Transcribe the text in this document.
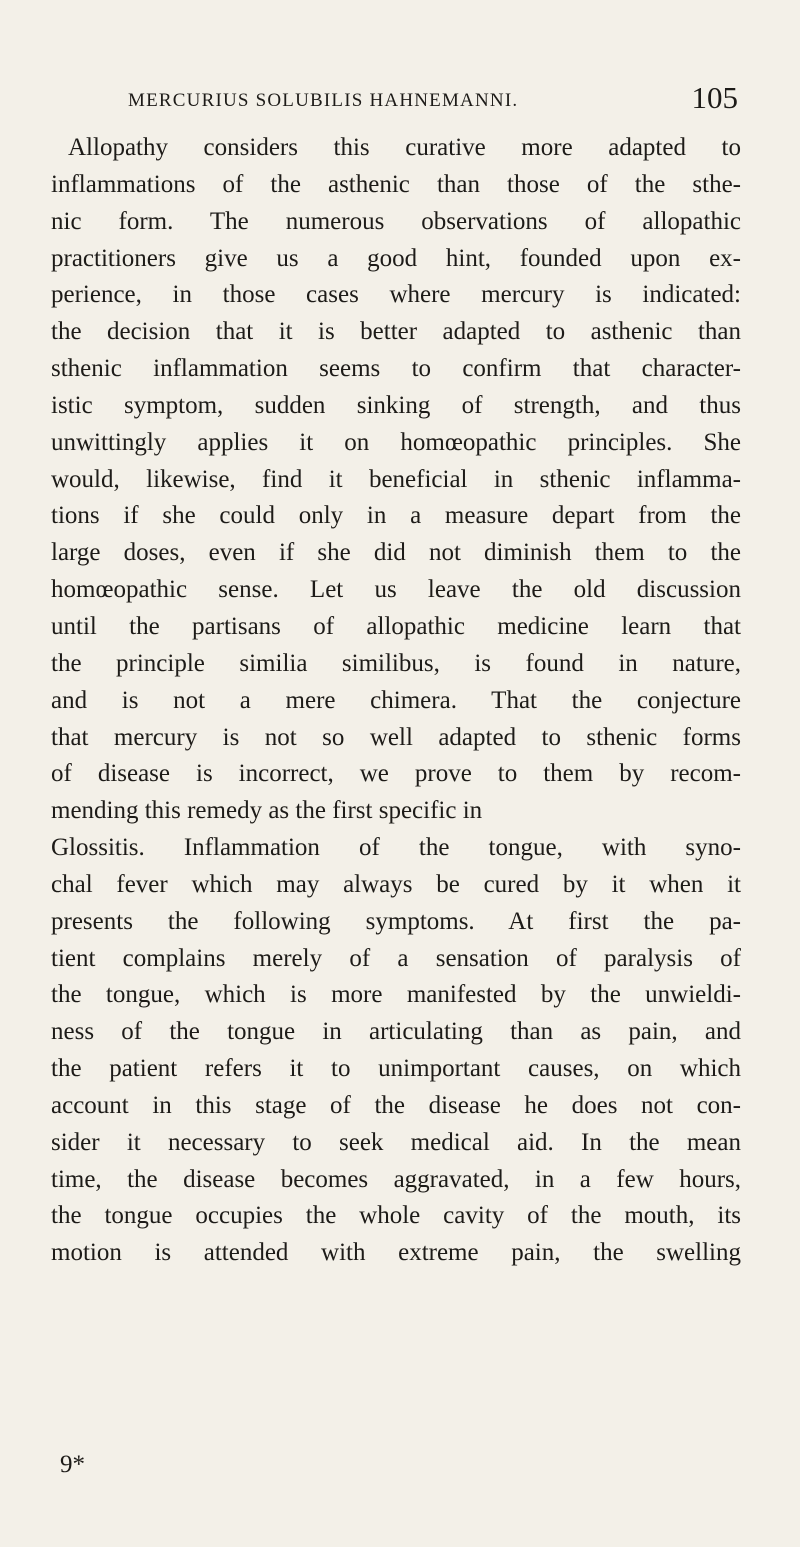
MERCURIUS SOLUBILIS HAHNEMANNI.	105
Allopathy considers this curative more adapted to
inflammations of the asthenic than those of the sthe-
nic form. The numerous observations of allopathic
practitioners give us a good hint, founded upon ex-
perience, in those cases where mercury is indicated:
the decision that it is better adapted to asthenic than
sthenic inflammation seems to confirm that character-
istic symptom, sudden sinking of strength, and thus
unwittingly applies it on homœopathic principles. She
would, likewise, find it beneficial in sthenic inflamma-
tions if she could only in a measure depart from the
large doses, even if she did not diminish them to the
homœopathic sense. Let us leave the old discussion
until the partisans of allopathic medicine learn that
the principle similia similibus, is found in nature,
and is not a mere chimera. That the conjecture
that mercury is not so well adapted to sthenic forms
of disease is incorrect, we prove to them by recom-
mending this remedy as the first specific in
Glossitis. Inflammation of the tongue, with syno-
chal fever which may always be cured by it when it
presents the following symptoms. At first the pa-
tient complains merely of a sensation of paralysis of
the tongue, which is more manifested by the unwieldi-
ness of the tongue in articulating than as pain, and
the patient refers it to unimportant causes, on which
account in this stage of the disease he does not con-
sider it necessary to seek medical aid. In the mean
time, the disease becomes aggravated, in a few hours,
the tongue occupies the whole cavity of the mouth, its
motion is attended with extreme pain, the swelling
9*
